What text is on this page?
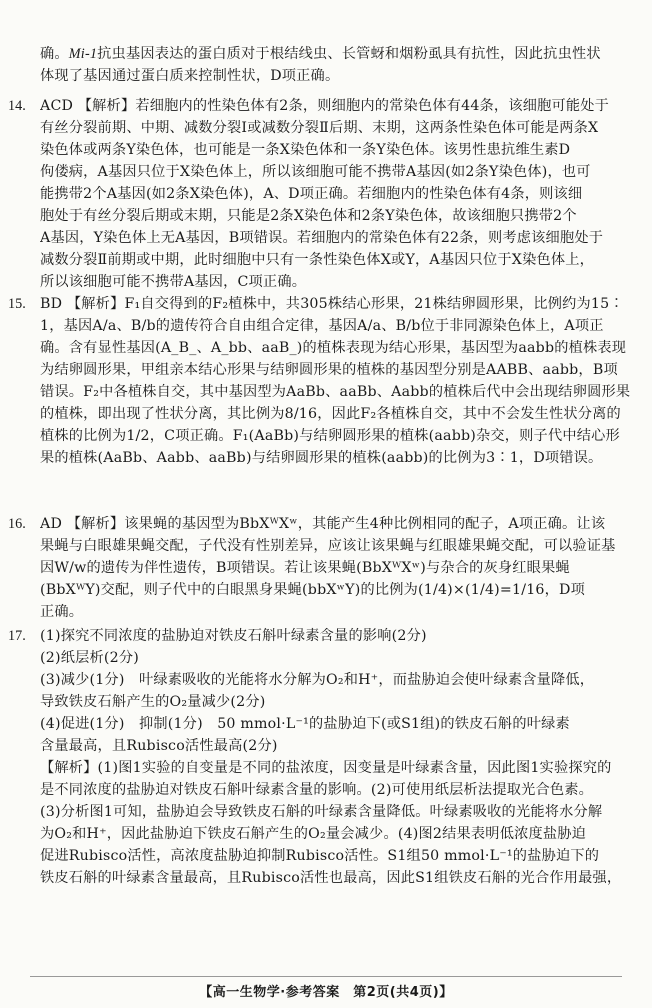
确。Mi-1抗虫基因表达的蛋白质对于根结线虫、长管蚜和烟粉虱具有抗性，因此抗虫性状
体现了基因通过蛋白质来控制性状，D项正确。
14. ACD 【解析】若细胞内的性染色体有2条，则细胞内的常染色体有44条，该细胞可能处于
有丝分裂前期、中期、减数分裂Ⅰ或减数分裂Ⅱ后期、末期，这两条性染色体可能是两条X
染色体或两条Y染色体，也可能是一条X染色体和一条Y染色体。该男性患抗维生素D
佝偻病，A基因只位于X染色体上，所以该细胞可能不携带A基因(如2条Y染色体)，也可
能携带2个A基因(如2条X染色体)，A、D项正确。若细胞内的性染色体有4条，则该细
胞处于有丝分裂后期或末期，只能是2条X染色体和2条Y染色体，故该细胞只携带2个
A基因，Y染色体上无A基因，B项错误。若细胞内的常染色体有22条，则考虑该细胞处于
减数分裂Ⅱ前期或中期，此时细胞中只有一条性染色体X或Y，A基因只位于X染色体上，
所以该细胞可能不携带A基因，C项正确。
15. BD 【解析】F₁自交得到的F₂植株中，共305株结心形果，21株结卵圆形果，比例约为15∶
1，基因A/a、B/b的遗传符合自由组合定律，基因A/a、B/b位于非同源染色体上，A项正
确。含有显性基因(A_B_、A_bb、aaB_)的植株表现为结心形果，基因型为aabb的植株表现
为结卵圆形果，甲组亲本结心形果与结卵圆形果的植株的基因型分别是AABB、aabb，B项
错误。F₂中各植株自交，其中基因型为AaBb、aaBb、Aabb的植株后代中会出现结卵圆形果
的植株，即出现了性状分离，其比例为8/16，因此F₂各植株自交，其中不会发生性状分离的
植株的比例为1/2，C项正确。F₁(AaBb)与结卵圆形果的植株(aabb)杂交，则子代中结心形
果的植株(AaBb、Aabb、aaBb)与结卵圆形果的植株(aabb)的比例为3∶1，D项错误。
16. AD 【解析】该果蝇的基因型为BbXᵂXʷ，其能产生4种比例相同的配子，A项正确。让该
果蝇与白眼雄果蝇交配，子代没有性别差异，应该让该果蝇与红眼雄果蝇交配，可以验证基
因W/w的遗传为伴性遗传，B项错误。若让该果蝇(BbXᵂXʷ)与杂合的灰身红眼果蝇
(BbXᵂY)交配，则子代中的白眼黑身果蝇(bbXʷY)的比例为(1/4)×(1/4)=1/16，D项
正确。
17. (1)探究不同浓度的盐胁迫对铁皮石斛叶绿素含量的影响(2分)
(2)纸层析(2分)
(3)减少(1分)　叶绿素吸收的光能将水分解为O₂和H⁺，而盐胁迫会使叶绿素含量降低，
导致铁皮石斛产生的O₂量减少(2分)
(4)促进(1分)　抑制(1分)　50 mmol·L⁻¹的盐胁迫下(或S1组)的铁皮石斛的叶绿素
含量最高，且Rubisco活性最高(2分)
【解析】(1)图1实验的自变量是不同的盐浓度，因变量是叶绿素含量，因此图1实验探究的
是不同浓度的盐胁迫对铁皮石斛叶绿素含量的影响。(2)可使用纸层析法提取光合色素。
(3)分析图1可知，盐胁迫会导致铁皮石斛的叶绿素含量降低。叶绿素吸收的光能将水分解
为O₂和H⁺，因此盐胁迫下铁皮石斛产生的O₂量会减少。(4)图2结果表明低浓度盐胁迫
促进Rubisco活性，高浓度盐胁迫抑制Rubisco活性。S1组50 mmol·L⁻¹的盐胁迫下的
铁皮石斛的叶绿素含量最高，且Rubisco活性也最高，因此S1组铁皮石斛的光合作用最强，
【高一生物学·参考答案　第2页(共4页)】
